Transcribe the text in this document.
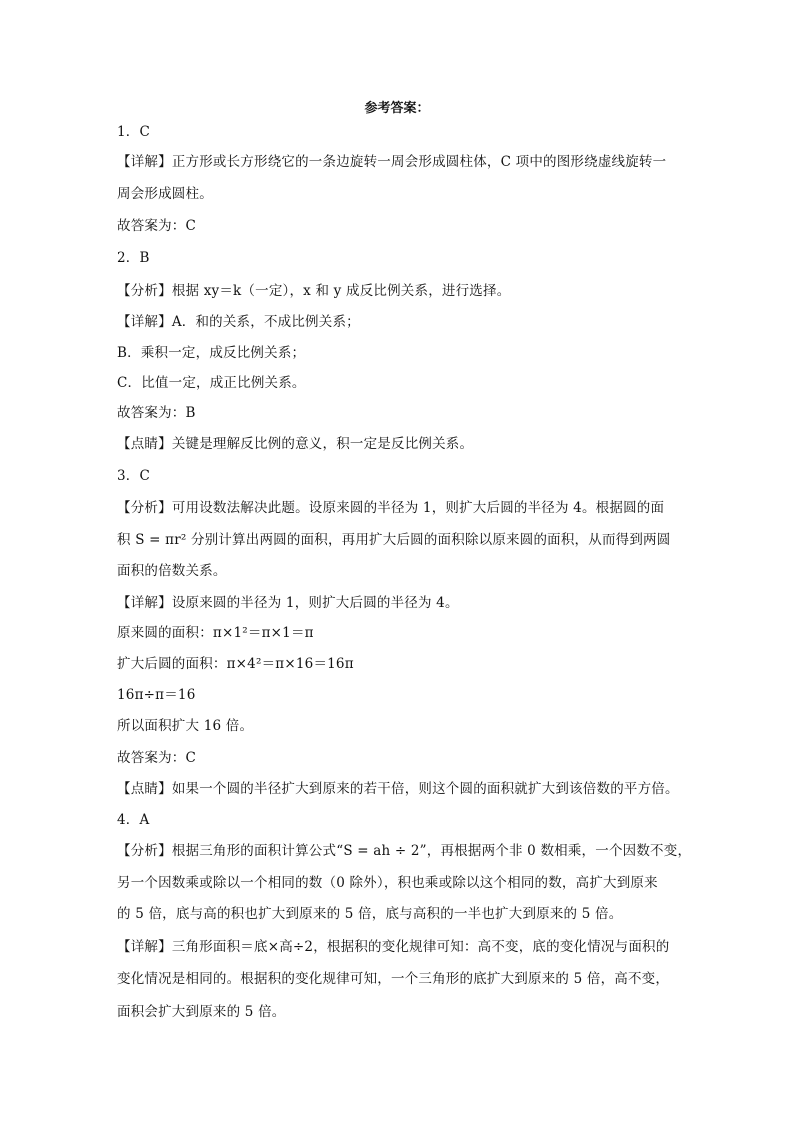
参考答案：
1．C
【详解】正方形或长方形绕它的一条边旋转一周会形成圆柱体，C 项中的图形绕虚线旋转一
周会形成圆柱。
故答案为：C
2．B
【分析】根据 xy＝k（一定），x 和 y 成反比例关系，进行选择。
【详解】A．和的关系，不成比例关系；
B．乘积一定，成反比例关系；
C．比值一定，成正比例关系。
故答案为：B
【点睛】关键是理解反比例的意义，积一定是反比例关系。
3．C
【分析】可用设数法解决此题。设原来圆的半径为 1，则扩大后圆的半径为 4。根据圆的面
积 S = πr² 分别计算出两圆的面积，再用扩大后圆的面积除以原来圆的面积，从而得到两圆
面积的倍数关系。
【详解】设原来圆的半径为 1，则扩大后圆的半径为 4。
原来圆的面积：π×1²＝π×1＝π
扩大后圆的面积：π×4²＝π×16＝16π
16π÷π＝16
所以面积扩大 16 倍。
故答案为：C
【点睛】如果一个圆的半径扩大到原来的若干倍，则这个圆的面积就扩大到该倍数的平方倍。
4．A
【分析】根据三角形的面积计算公式“S = ah ÷ 2”，再根据两个非 0 数相乘，一个因数不变，
另一个因数乘或除以一个相同的数（0 除外），积也乘或除以这个相同的数，高扩大到原来
的 5 倍，底与高的积也扩大到原来的 5 倍，底与高积的一半也扩大到原来的 5 倍。
【详解】三角形面积＝底×高÷2，根据积的变化规律可知：高不变，底的变化情况与面积的
变化情况是相同的。根据积的变化规律可知，一个三角形的底扩大到原来的 5 倍，高不变，
面积会扩大到原来的 5 倍。
